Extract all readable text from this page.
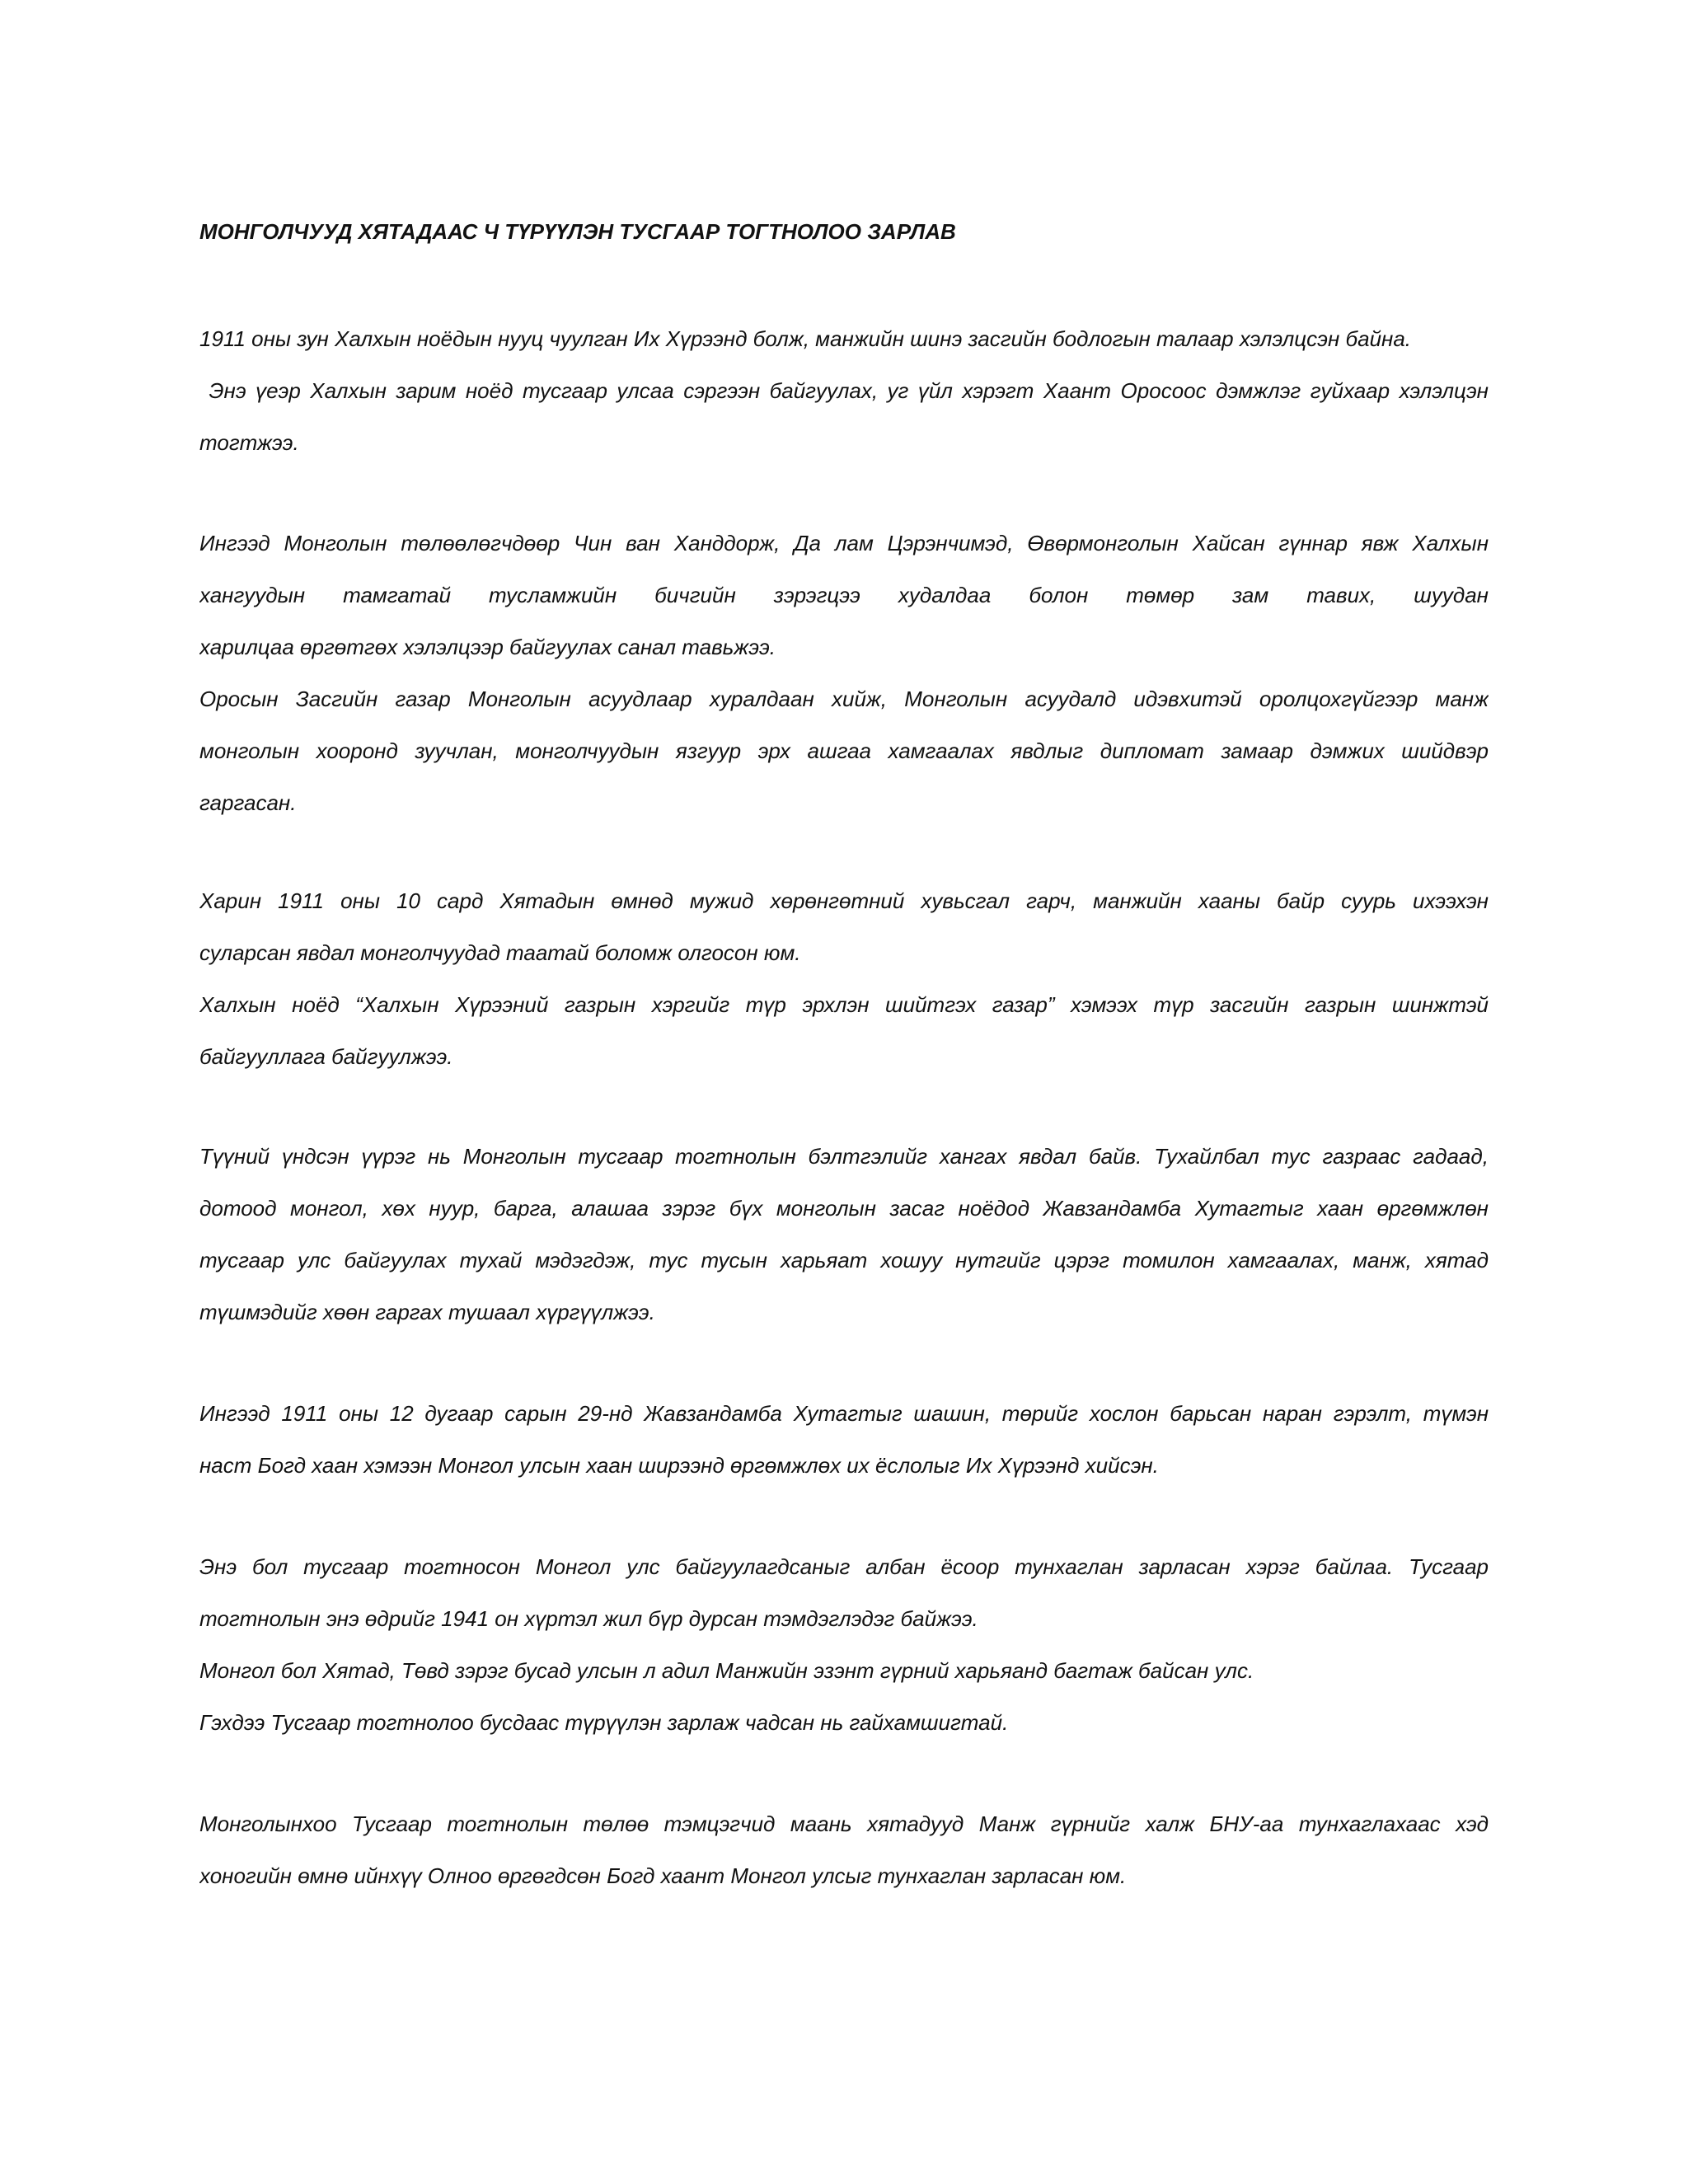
МОНГОЛЧУУД ХЯТАДААС Ч ТҮРҮҮЛЭН ТУСГААР ТОГТНОЛОО ЗАРЛАВ
1911 оны зун Халхын ноёдын нууц чуулган Их Хүрээнд болж, манжийн шинэ засгийн бодлогын талаар хэлэлцсэн байна.
Энэ үеэр Халхын зарим ноёд тусгаар улсаа сэргээн байгуулах, уг үйл хэрэгт Хаант Оросоос дэмжлэг гуйхаар хэлэлцэн
тогтжээ.
Ингээд Монголын төлөөлөгчдөөр Чин ван Ханддорж, Да лам Цэрэнчимэд, Өвөрмонголын Хайсан гүннар явж Халхын
хангуудын тамгатай тусламжийн бичгийн зэрэгцээ худалдаа болон төмөр зам тавих, шуудан
харилцаа өргөтгөх хэлэлцээр байгуулах санал тавьжээ.
Оросын Засгийн газар Монголын асуудлаар хуралдаан хийж, Монголын асуудалд идэвхитэй оролцохгүйгээр манж
монголын хооронд зуучлан, монголчуудын язгуур эрх ашгаа хамгаалах явдлыг дипломат замаар дэмжих шийдвэр
гаргасан.
Харин 1911 оны 10 сард Хятадын өмнөд мужид хөрөнгөтний хувьсгал гарч, манжийн хааны байр суурь ихээхэн
суларсан явдал монголчуудад таатай боломж олгосон юм.
Халхын ноёд “Халхын Хүрээний газрын хэргийг түр эрхлэн шийтгэх газар” хэмээх түр засгийн газрын шинжтэй
байгууллага байгуулжээ.
Түүний үндсэн үүрэг нь Монголын тусгаар тогтнолын бэлтгэлийг хангах явдал байв. Тухайлбал тус газраас гадаад,
дотоод монгол, хөх нуур, барга, алашаа зэрэг бүх монголын засаг ноёдод Жавзандамба Хутагтыг хаан өргөмжлөн
тусгаар улс байгуулах тухай мэдэгдэж, тус тусын харьяат хошуу нутгийг цэрэг томилон хамгаалах, манж, хятад
түшмэдийг хөөн гаргах тушаал хүргүүлжээ.
Ингээд 1911 оны 12 дугаар сарын 29-нд Жавзандамба Хутагтыг шашин, төрийг хослон барьсан наран гэрэлт, түмэн
наст Богд хаан хэмээн Монгол улсын хаан ширээнд өргөмжлөх их ёслолыг Их Хүрээнд хийсэн.
Энэ бол тусгаар тогтносон Монгол улс байгуулагдсаныг албан ёсоор тунхаглан зарласан хэрэг байлаа. Тусгаар
тогтнолын энэ өдрийг 1941 он хүртэл жил бүр дурсан тэмдэглэдэг байжээ.
Монгол бол Хятад, Төвд зэрэг бусад улсын л адил Манжийн эзэнт гүрний харьяанд багтаж байсан улс.
Гэхдээ Тусгаар тогтнолоо бусдаас түрүүлэн зарлаж чадсан нь гайхамшигтай.
Монголынхоо Тусгаар тогтнолын төлөө тэмцэгчид маань хятадууд Манж гүрнийг халж БНУ-аа тунхаглахаас хэд
хоногийн өмнө ийнхүү Олноо өргөгдсөн Богд хаант Монгол улсыг тунхаглан зарласан юм.
